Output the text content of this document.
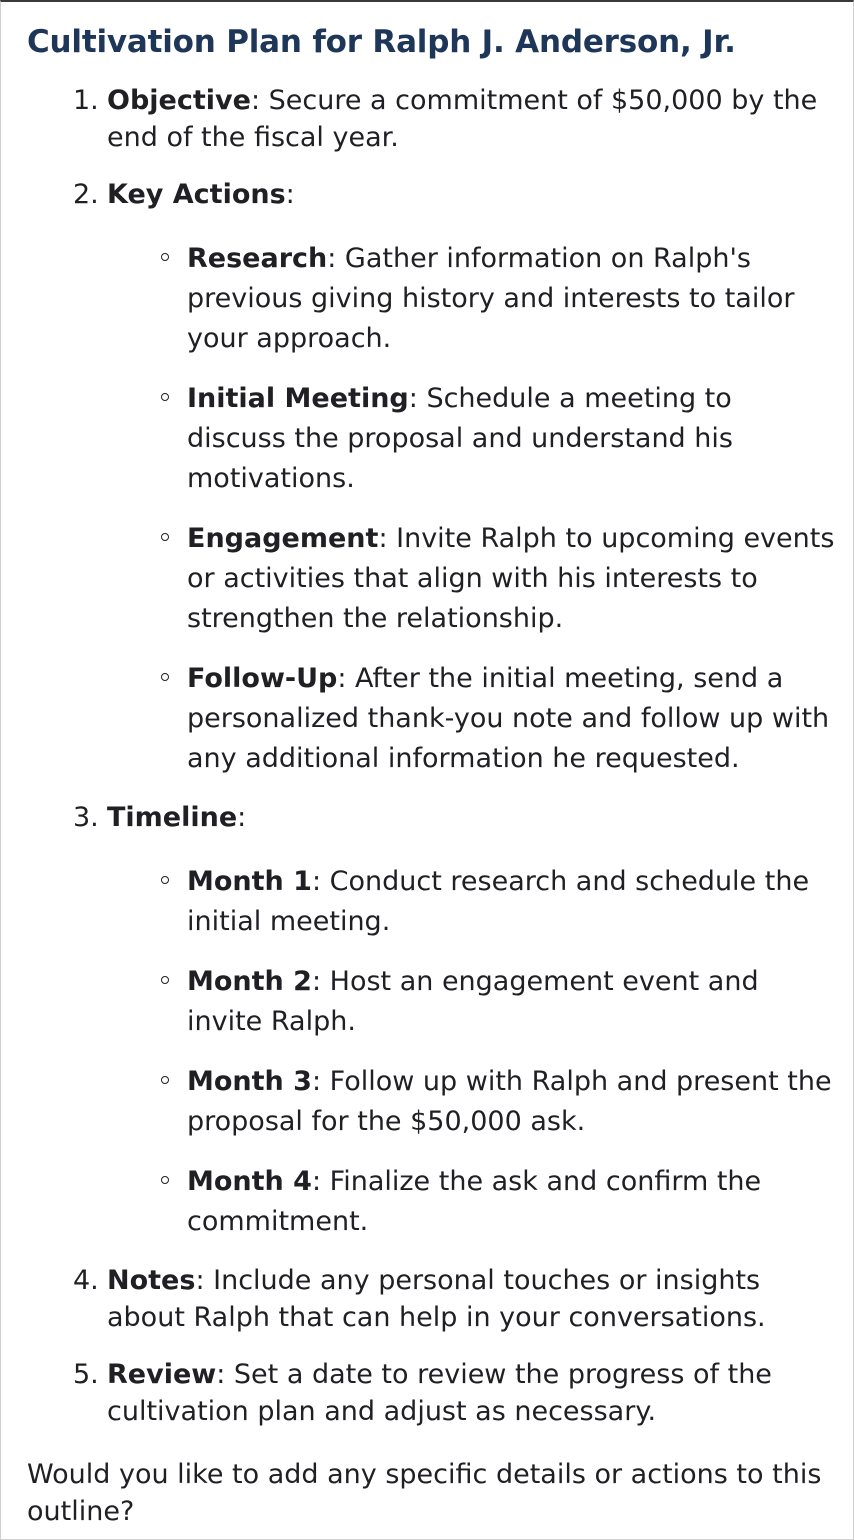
Cultivation Plan for Ralph J. Anderson, Jr.
1. Objective: Secure a commitment of $50,000 by the end of the fiscal year.
2. Key Actions:
Research: Gather information on Ralph's previous giving history and interests to tailor your approach.
Initial Meeting: Schedule a meeting to discuss the proposal and understand his motivations.
Engagement: Invite Ralph to upcoming events or activities that align with his interests to strengthen the relationship.
Follow-Up: After the initial meeting, send a personalized thank-you note and follow up with any additional information he requested.
3. Timeline:
Month 1: Conduct research and schedule the initial meeting.
Month 2: Host an engagement event and invite Ralph.
Month 3: Follow up with Ralph and present the proposal for the $50,000 ask.
Month 4: Finalize the ask and confirm the commitment.
4. Notes: Include any personal touches or insights about Ralph that can help in your conversations.
5. Review: Set a date to review the progress of the cultivation plan and adjust as necessary.

Would you like to add any specific details or actions to this outline?
